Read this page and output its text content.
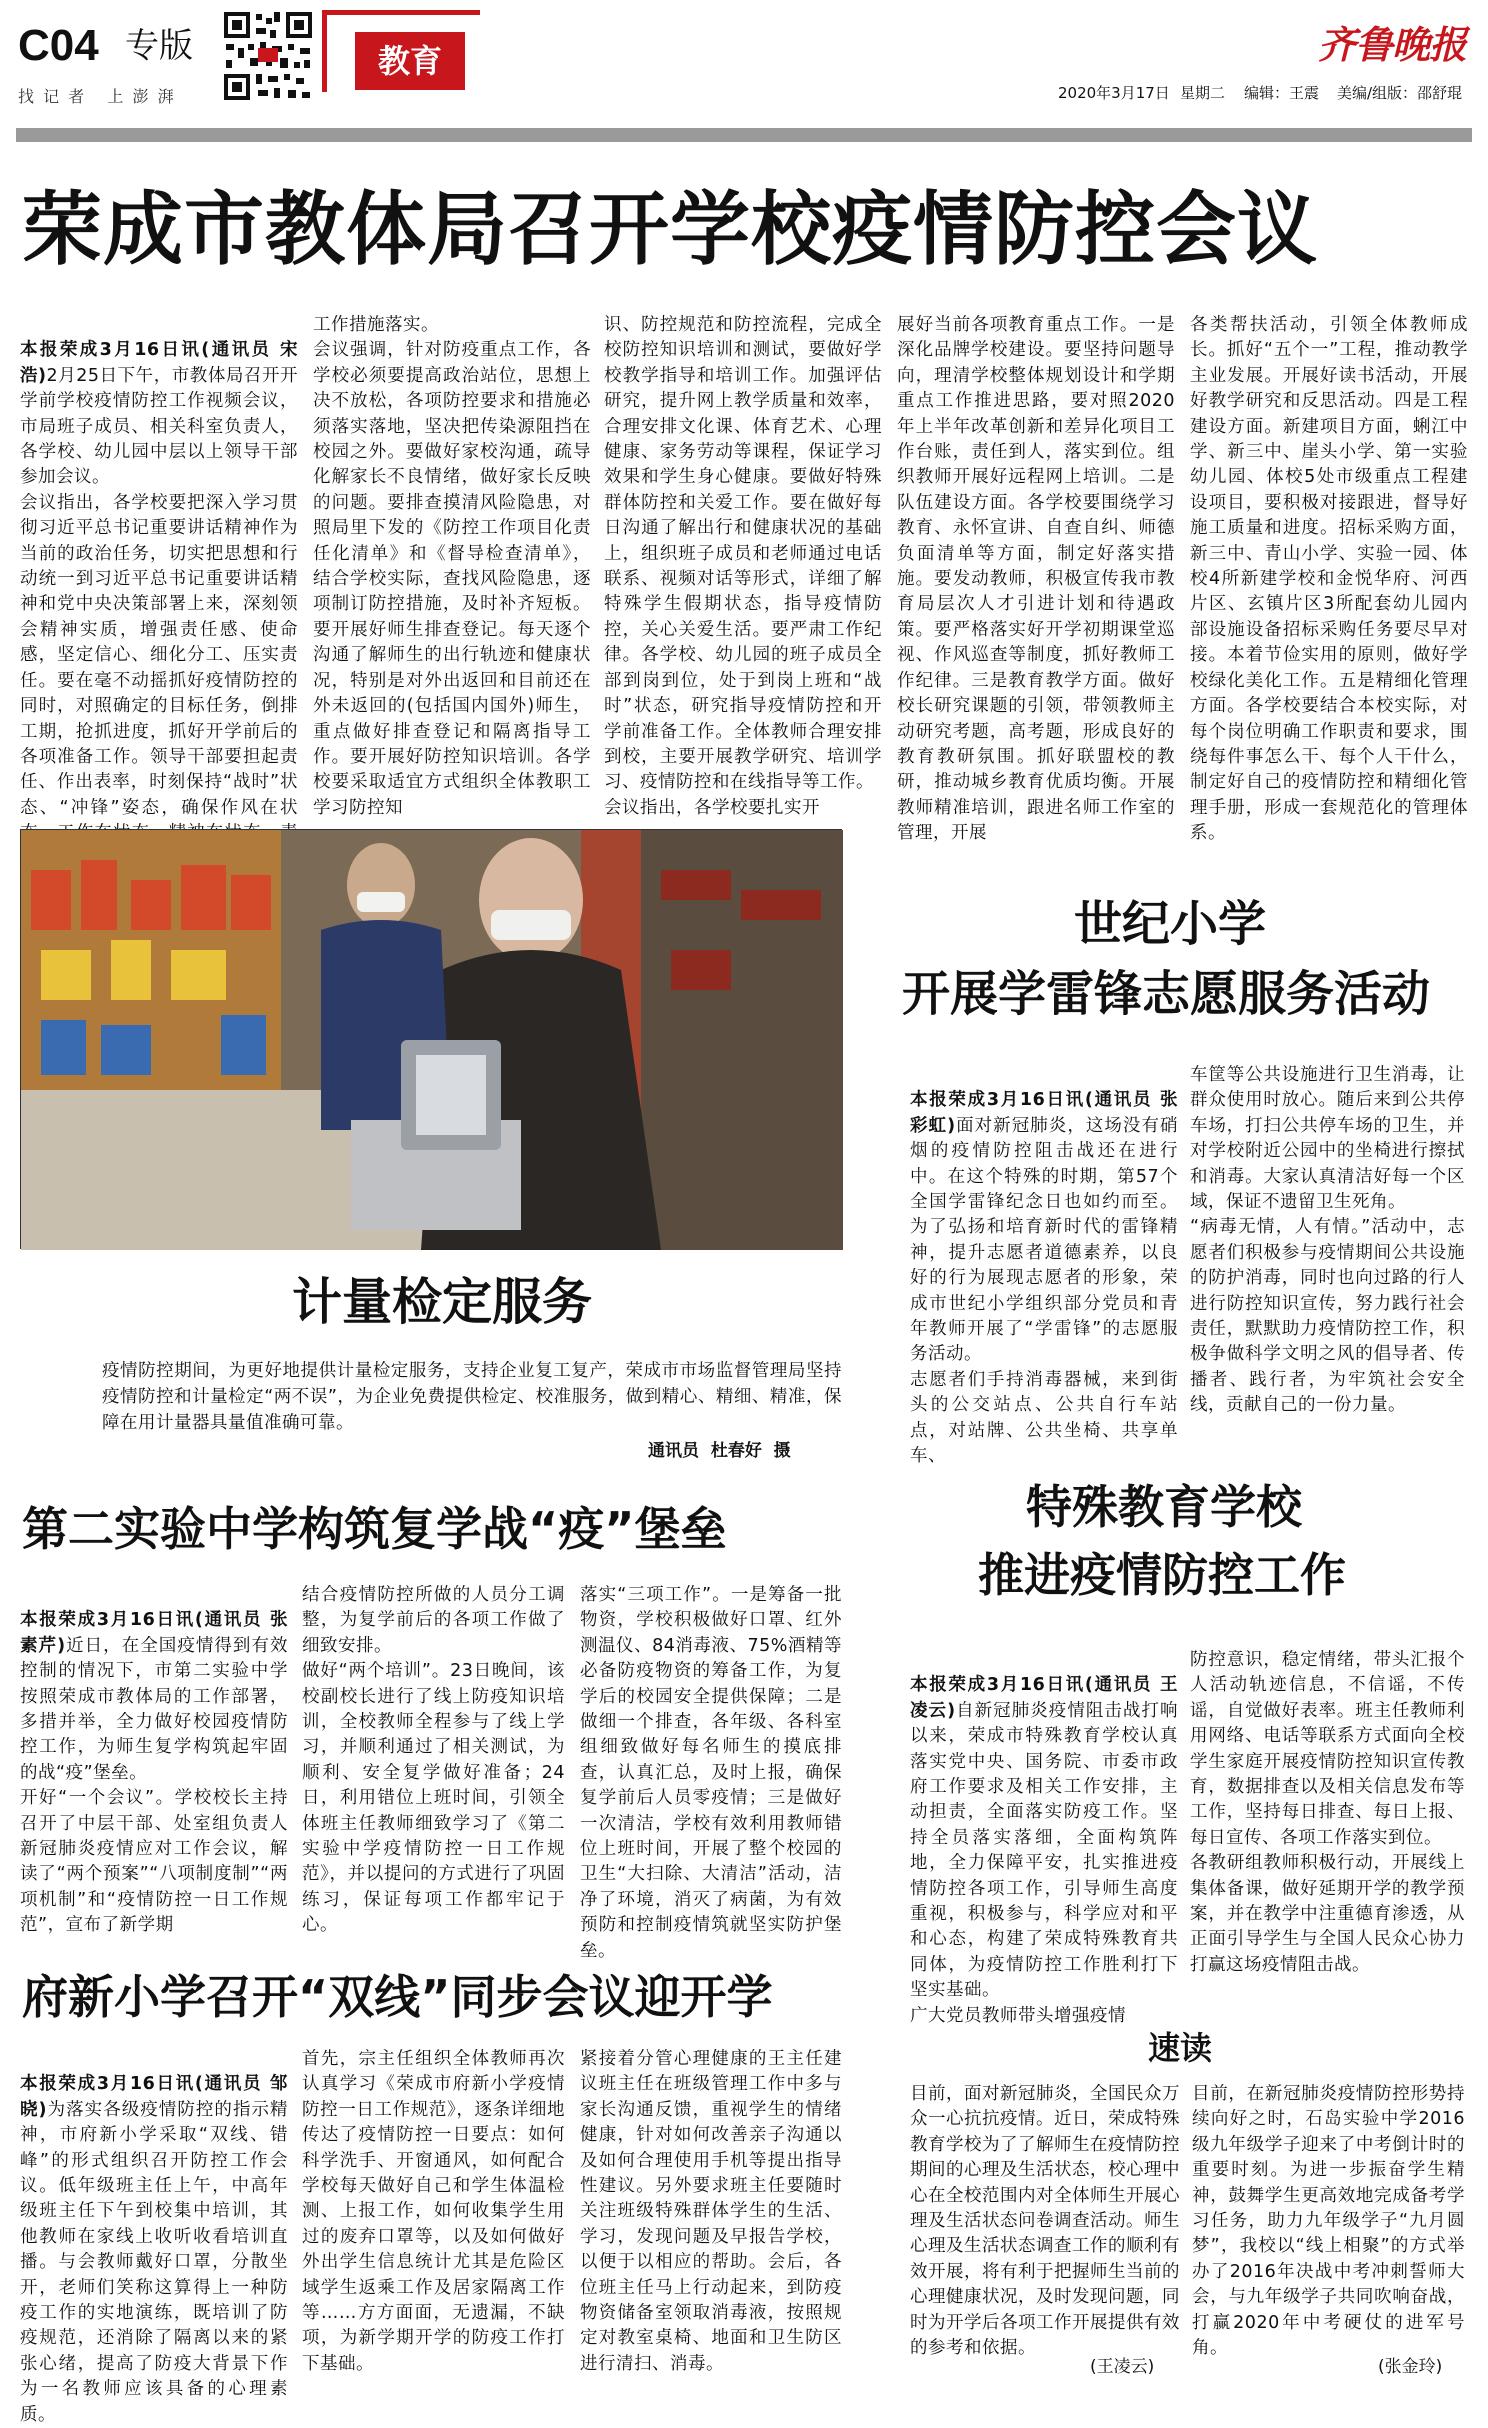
C04 专版
找 记 者   上 澎 湃
教育	齐鲁晚报
2020年3月17日 星期二 编辑：王震 美编/组版：邵舒琨
荣成市教体局召开学校疫情防控会议

本报荣成3月16日讯(通讯员 宋浩)2月25日下午，市教体局召开开学前学校疫情防控工作视频会议，市局班子成员、相关科室负责人，各学校、幼儿园中层以上领导干部参加会议。
会议指出，各学校要把深入学习贯彻习近平总书记重要讲话精神作为当前的政治任务，切实把思想和行动统一到习近平总书记重要讲话精神和党中央决策部署上来，深刻领会精神实质，增强责任感、使命感，坚定信心、细化分工、压实责任。要在毫不动摇抓好疫情防控的同时，对照确定的目标任务，倒排工期，抢抓进度，抓好开学前后的各项准备工作。领导干部要担起责任、作出表率，时刻保持“战时”状态、“冲锋”姿态，确保作风在状

工作措施落实。
会议强调，针对防疫重点工作，各学校必须要提高政治站位，思想上决不放松，各项防控要求和措施必须落实落地，坚决把传染源阻挡在校园之外。要做好家校沟通，疏导化解家长不良情绪，做好家长反映的问题。要排查摸清风险隐患，对照局里下发的《防控工作项目化责任化清单》和《督导检查清单》，结合学校实际，查找风险隐患，逐项制订防控措施，及时补齐短板。要开展好师生排查登记。每天逐个沟通了解师生的出行轨迹和健康状况，特别是对外出返回和目前还在外未返回的(包括国内国外)师生，重点做好排查登记和隔离指导工作。要开展好防控知识培训。各学校要采取适宜方式组织全体教职工学习防控知
识、防控规范和防控流程，完成全校防控知识培训和测试，要做好学校教学指导和培训工作。加强评估研究，提升网上教学质量和效率，合理安排文化课、体育艺术、心理健康、家务劳动等课程，保证学习效果和学生身心健康。要做好特殊群体防控和关爱工作。要在做好每日沟通了解出行和健康状况的基础上，组织班子成员和老师通过电话联系、视频对话等形式，详细了解特殊学生假期状态，指导疫情防控，关心关爱生活。要严肃工作纪律。各学校、幼儿园的班子成员全部到岗到位，处于到岗上班和“战时”状态，研究指导疫情防控和开学前准备工作。全体教师合理安排到校，主要开展教学研究、培训学习、疫情防控和在线指导等工作。
会议指出，各学校要扎实开
展好当前各项教育重点工作。一是深化品牌学校建设。要坚持问题导向，理清学校整体规划设计和学期重点工作推进思路，要对照2020年上半年改革创新和差异化项目工作台账，责任到人，落实到位。组织教师开展好远程网上培训。二是队伍建设方面。各学校要围绕学习教育、永怀宣讲、自查自纠、师德负面清单等方面，制定好落实措施。要发动教师，积极宣传我市教育局层次人才引进计划和待遇政策。要严格落实好开学初期课堂巡视、作风巡查等制度，抓好教师工作纪律。三是教育教学方面。做好校长研究课题的引领，带领教师主动研究考题，高考题，形成良好的教育教研氛围。抓好联盟校的教研，推动城乡教育优质均衡。开展教师精准培训，跟进名师工作室的管理，开展
各类帮扶活动，引领全体教师成长。抓好“五个一”工程，推动教学主业发展。开展好读书活动，开展好教学研究和反思活动。四是工程建设方面。新建项目方面，蜊江中学、新三中、崖头小学、第一实验幼儿园、体校5处市级重点工程建设项目，要积极对接跟进，督导好施工质量和进度。招标采购方面，新三中、青山小学、实验一园、体校4所新建学校和金悦华府、河西片区、玄镇片区3所配套幼儿园内部设施设备招标采购任务要尽早对接。本着节俭实用的原则，做好学校绿化美化工作。五是精细化管理方面。各学校要结合本校实际，对每个岗位明确工作职责和要求，围绕每件事怎么干、每个人干什么，制定好自己的疫情防控和精细化管理手册，形成一套规范化的管理体系。
计量检定服务
疫情防控期间，为更好地提供计量检定服务，支持企业复工复产，荣成市市场监督管理局坚持疫情防控和计量检定“两不误”，为企业免费提供检定、校准服务，做到精心、精细、精准，保障在用计量器具量值准确可靠。
通讯员  杜春好  摄
世纪小学
开展学雷锋志愿服务活动

本报荣成3月16日讯(通讯员 张彩虹)面对新冠肺炎，这场没有硝烟的疫情防控阻击战还在进行中。在这个特殊的时期，第57个全国学雷锋纪念日也如约而至。为了弘扬和培育新时代的雷锋精神，提升志愿者道德素养，以良好的行为展现志愿者的形象，荣成市世纪小学组织部分党员和青年教师开展了“学雷锋”的志愿服务活动。
志愿者们手持消毒器械，来到街头的公交站点、公共自行车站点，对站牌、公共坐椅、共享单车、

车筐等公共设施进行卫生消毒，让群众使用时放心。随后来到公共停车场，打扫公共停车场的卫生，并对学校附近公园中的坐椅进行擦拭和消毒。大家认真清洁好每一个区域，保证不遗留卫生死角。
“病毒无情，人有情。”活动中，志愿者们积极参与疫情期间公共设施的防护消毒，同时也向过路的行人进行防控知识宣传，努力践行社会责任，默默助力疫情防控工作，积极争做科学文明之风的倡导者、传播者、践行者，为牢筑社会安全线，贡献自己的一份力量。
第二实验中学构筑复学战“疫”堡垒

本报荣成3月16日讯(通讯员 张素芹)近日，在全国疫情得到有效控制的情况下，市第二实验中学按照荣成市教体局的工作部署，多措并举，全力做好校园疫情防控工作，为师生复学构筑起牢固的战“疫”堡垒。
开好“一个会议”。学校校长主持召开了中层干部、处室组负责人新冠肺炎疫情应对工作会议，解读了“两个预案”“八项制度制”“两项机制”和“疫情防控一日工作规范”，宣布了新学期

结合疫情防控所做的人员分工调整，为复学前后的各项工作做了细致安排。
做好“两个培训”。23日晚间，该校副校长进行了线上防疫知识培训，全校教师全程参与了线上学习，并顺利通过了相关测试，为顺利、安全复学做好准备；24日，利用错位上班时间，引领全体班主任教师细致学习了《第二实验中学疫情防控一日工作规范》，并以提问的方式进行了巩固练习，保证每项工作都牢记于心。
落实“三项工作”。一是筹备一批物资，学校积极做好口罩、红外测温仪、84消毒液、75%酒精等必备防疫物资的筹备工作，为复学后的校园安全提供保障；二是做细一个排查，各年级、各科室组细致做好每名师生的摸底排查，认真汇总，及时上报，确保复学前后人员零疫情；三是做好一次清洁，学校有效利用教师错位上班时间，开展了整个校园的卫生“大扫除、大清洁”活动，洁净了环境，消灭了病菌，为有效预防和控制疫情筑就坚实防护堡垒。
特殊教育学校
推进疫情防控工作

本报荣成3月16日讯(通讯员 王凌云)自新冠肺炎疫情阻击战打响以来，荣成市特殊教育学校认真落实党中央、国务院、市委市政府工作要求及相关工作安排，主动担责，全面落实防疫工作。坚持全员落实落细，全面构筑阵地，全力保障平安，扎实推进疫情防控各项工作，引导师生高度重视，积极参与，科学应对和平和心态，构建了荣成特殊教育共同体，为疫情防控工作胜利打下坚实基础。
广大党员教师带头增强疫情

防控意识，稳定情绪，带头汇报个人活动轨迹信息，不信谣，不传谣，自觉做好表率。班主任教师利用网络、电话等联系方式面向全校学生家庭开展疫情防控知识宣传教育，数据排查以及相关信息发布等工作，坚持每日排查、每日上报、每日宣传、各项工作落实到位。
各教研组教师积极行动，开展线上集体备课，做好延期开学的教学预案，并在教学中注重德育渗透，从正面引导学生与全国人民众心协力打赢这场疫情阻击战。
府新小学召开“双线”同步会议迎开学

本报荣成3月16日讯(通讯员 邹晓)为落实各级疫情防控的指示精神，市府新小学采取“双线、错峰”的形式组织召开防控工作会议。低年级班主任上午，中高年级班主任下午到校集中培训，其他教师在家线上收听收看培训直播。与会教师戴好口罩，分散坐开，老师们笑称这算得上一种防疫工作的实地演练，既培训了防疫规范，还消除了隔离以来的紧张心绪，提高了防疫大背景下作为一名教师应该具备的心理素质。

首先，宗主任组织全体教师再次认真学习《荣成市府新小学疫情防控一日工作规范》，逐条详细地传达了疫情防控一日要点：如何科学洗手、开窗通风，如何配合学校每天做好自己和学生体温检测、上报工作，如何收集学生用过的废弃口罩等，以及如何做好外出学生信息统计尤其是危险区域学生返乘工作及居家隔离工作等……方方面面，无遗漏，不缺项，为新学期开学的防疫工作打下基础。
紧接着分管心理健康的王主任建议班主任在班级管理工作中多与家长沟通反馈，重视学生的情绪健康，针对如何改善亲子沟通以及如何合理使用手机等提出指导性建议。另外要求班主任要随时关注班级特殊群体学生的生活、学习，发现问题及早报告学校，以便于以相应的帮助。会后，各位班主任马上行动起来，到防疫物资储备室领取消毒液，按照规定对教室桌椅、地面和卫生防区进行清扫、消毒。
速读
目前，面对新冠肺炎，全国民众万众一心抗抗疫情。近日，荣成特殊教育学校为了了解师生在疫情防控期间的心理及生活状态，校心理中心在全校范围内对全体师生开展心理及生活状态问卷调查活动。师生心理及生活状态调查工作的顺利有效开展，将有利于把握师生当前的心理健康状况，及时发现问题，同时为开学后各项工作开展提供有效的参考和依据。
(王凌云)
目前，在新冠肺炎疫情防控形势持续向好之时，石岛实验中学2016级九年级学子迎来了中考倒计时的重要时刻。为进一步振奋学生精神，鼓舞学生更高效地完成备考学习任务，助力九年级学子“九月圆梦”，我校以“线上相聚”的方式举办了2016年决战中考冲刺誓师大会，与九年级学子共同吹响奋战，打赢2020年中考硬仗的进军号角。
(张金玲)
